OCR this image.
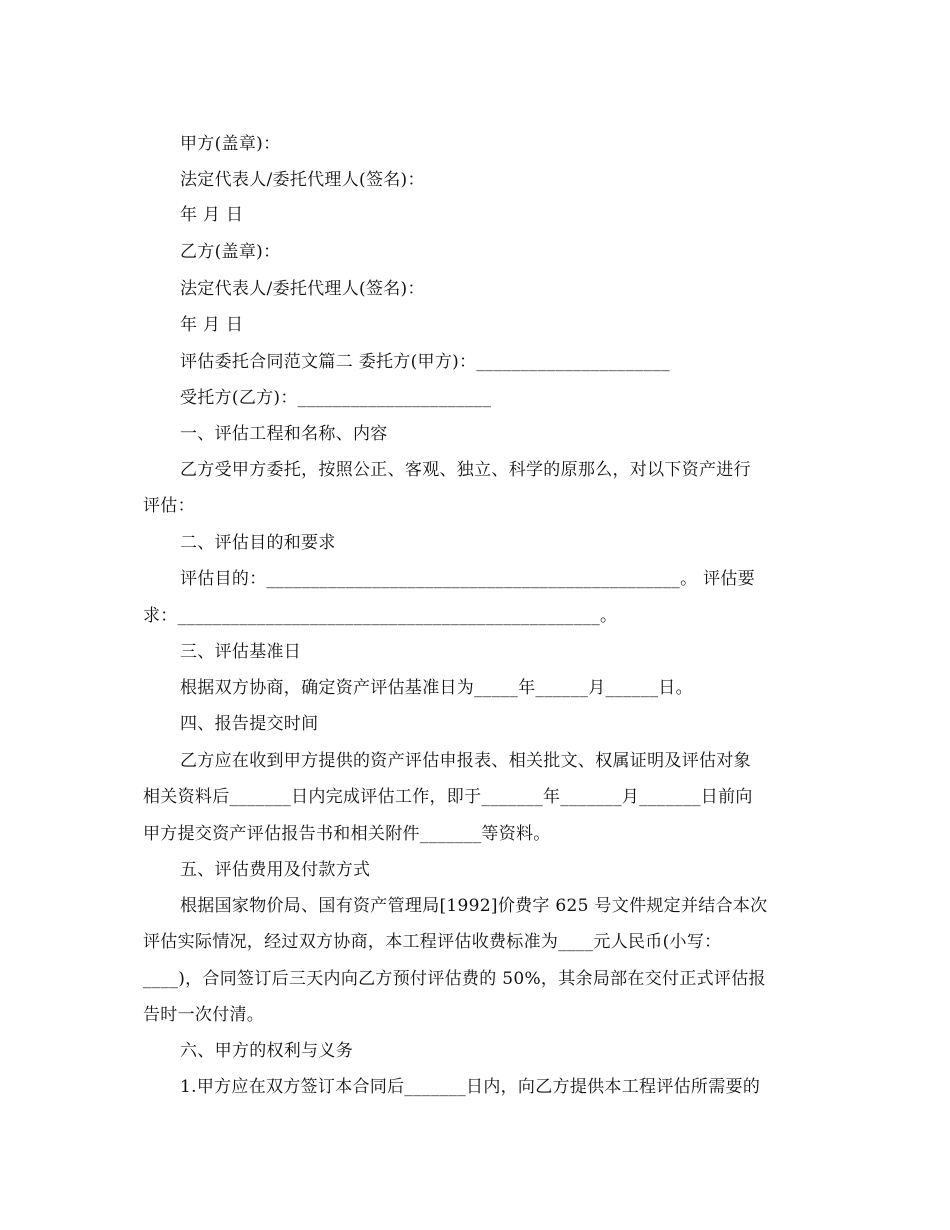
甲方(盖章)：
法定代表人/委托代理人(签名)：
年 月 日
乙方(盖章)：
法定代表人/委托代理人(签名)：
年 月 日
评估委托合同范文篇二 委托方(甲方)：______________________
受托方(乙方)：______________________
一、评估工程和名称、内容
乙方受甲方委托，按照公正、客观、独立、科学的原那么，对以下资产进行
评估：
二、评估目的和要求
评估目的：_______________________________________________。 评估要
求：________________________________________________。
三、评估基准日
根据双方协商，确定资产评估基准日为_____年______月______日。
四、报告提交时间
乙方应在收到甲方提供的资产评估申报表、相关批文、权属证明及评估对象
相关资料后_______日内完成评估工作，即于_______年_______月_______日前向
甲方提交资产评估报告书和相关附件_______等资料。
五、评估费用及付款方式
根据国家物价局、国有资产管理局[1992]价费字 625 号文件规定并结合本次
评估实际情况，经过双方协商，本工程评估收费标准为____元人民币(小写：
____)，合同签订后三天内向乙方预付评估费的 50%，其余局部在交付正式评估报
告时一次付清。
六、甲方的权利与义务
1.甲方应在双方签订本合同后_______日内，向乙方提供本工程评估所需要的
